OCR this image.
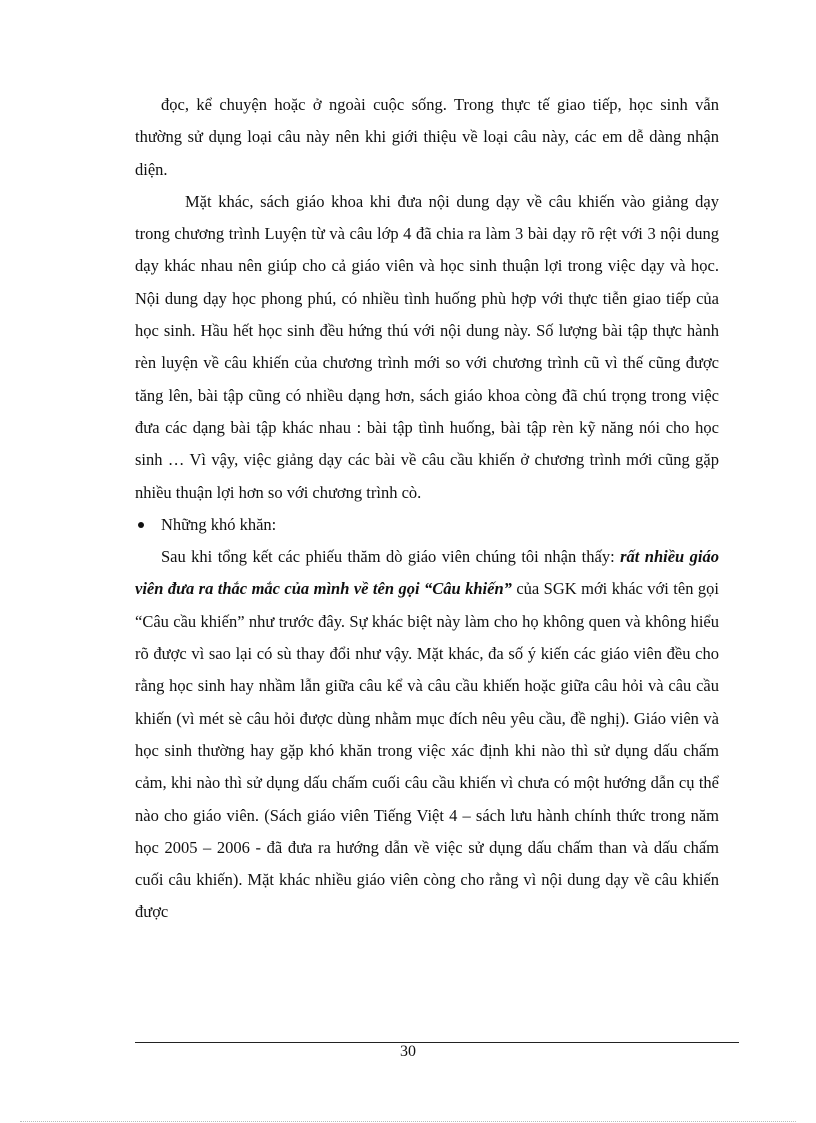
đọc, kể chuyện hoặc ở ngoài cuộc sống. Trong thực tế giao tiếp, học sinh vẫn thường sử dụng loại câu này nên khi giới thiệu về loại câu này, các em dễ dàng nhận diện.

Mặt khác, sách giáo khoa khi đưa nội dung dạy về câu khiến vào giảng dạy trong chương trình Luyện từ và câu lớp 4 đã chia ra làm 3 bài dạy rõ rệt với 3 nội dung dạy khác nhau nên giúp cho cả giáo viên và học sinh thuận lợi trong việc dạy và học. Nội dung dạy học phong phú, có nhiều tình huống phù hợp với thực tiễn giao tiếp của học sinh. Hầu hết học sinh đều hứng thú với nội dung này. Số lượng bài tập thực hành rèn luyện về câu khiến của chương trình mới so với chương trình cũ vì thế cũng được tăng lên, bài tập cũng có nhiều dạng hơn, sách giáo khoa còng đã chú trọng trong việc đưa các dạng bài tập khác nhau : bài tập tình huống, bài tập rèn kỹ năng nói cho học sinh … Vì vậy, việc giảng dạy các bài về câu cầu khiến ở chương trình mới cũng gặp nhiều thuận lợi hơn so với chương trình cò.

Những khó khăn:

Sau khi tổng kết các phiếu thăm dò giáo viên chúng tôi nhận thấy: rất nhiều giáo viên đưa ra thắc mắc của mình về tên gọi “Câu khiến” của SGK mới khác với tên gọi “Câu cầu khiến” như trước đây. Sự khác biệt này làm cho họ không quen và không hiểu rõ được vì sao lại có sù thay đổi như vậy. Mặt khác, đa số ý kiến các giáo viên đều cho rằng học sinh hay nhầm lẫn giữa câu kể và câu cầu khiến hoặc giữa câu hỏi và câu cầu khiến (vì mét sè câu hỏi được dùng nhằm mục đích nêu yêu cầu, đề nghị). Giáo viên và học sinh thường hay gặp khó khăn trong việc xác định khi nào thì sử dụng dấu chấm cảm, khi nào thì sử dụng dấu chấm cuối câu cầu khiến vì chưa có một hướng dẫn cụ thể nào cho giáo viên. (Sách giáo viên Tiếng Việt 4 – sách lưu hành chính thức trong năm học 2005 – 2006 - đã đưa ra hướng dẫn về việc sử dụng dấu chấm than và dấu chấm cuối câu khiến). Mặt khác nhiều giáo viên còng cho rằng vì nội dung dạy về câu khiến được

30
